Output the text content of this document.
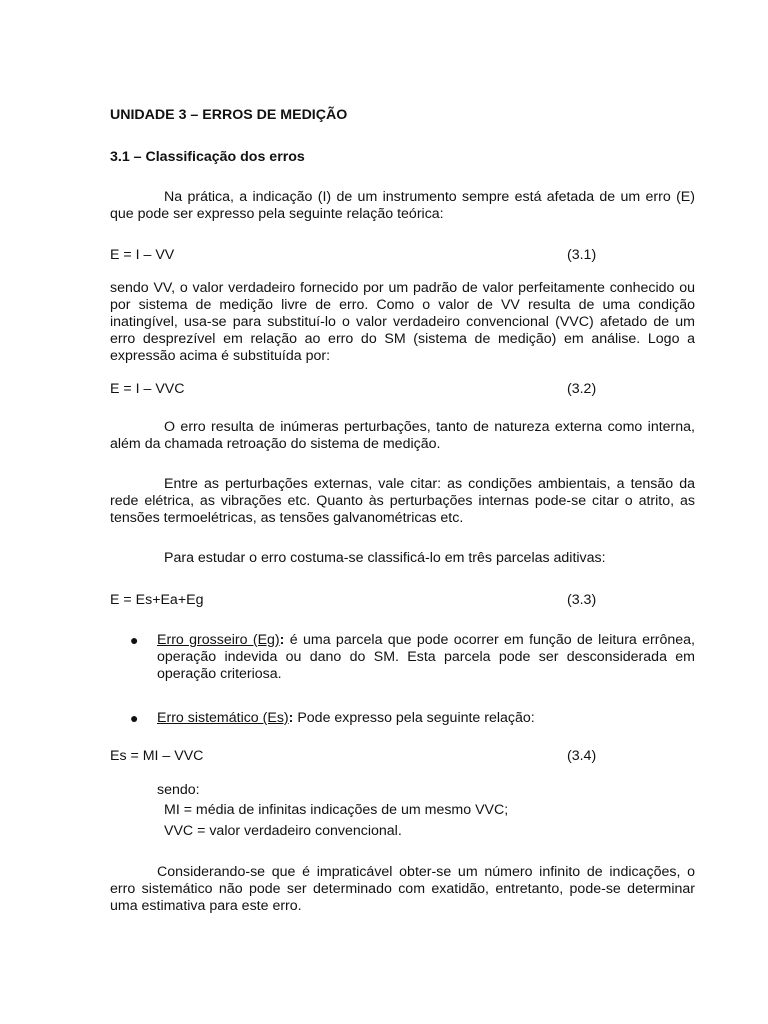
UNIDADE 3 – ERROS DE MEDIÇÃO
3.1 – Classificação dos erros
Na prática, a indicação (I) de um instrumento sempre está afetada de um erro (E) que pode ser expresso pela seguinte relação teórica:
E = I – VV	(3.1)
sendo VV, o valor verdadeiro fornecido por um padrão de valor perfeitamente conhecido ou por sistema de medição livre de erro. Como o valor de VV resulta de uma condição inatingível, usa-se para substituí-lo o valor verdadeiro convencional (VVC) afetado de um erro desprezível em relação ao erro do SM (sistema de medição) em análise. Logo a expressão acima é substituída por:
E = I – VVC	(3.2)
O erro resulta de inúmeras perturbações, tanto de natureza externa como interna, além da chamada retroação do sistema de medição.
Entre as perturbações externas, vale citar: as condições ambientais, a tensão da rede elétrica, as vibrações etc. Quanto às perturbações internas pode-se citar o atrito, as tensões termoelétricas, as tensões galvanométricas etc.
Para estudar o erro costuma-se classificá-lo em três parcelas aditivas:
E = Es+Ea+Eg	(3.3)
● Erro grosseiro (Eg): é uma parcela que pode ocorrer em função de leitura errônea, operação indevida ou dano do SM. Esta parcela pode ser desconsiderada em operação criteriosa.
● Erro sistemático (Es): Pode expresso pela seguinte relação:
Es = MI – VVC	(3.4)
sendo:
MI = média de infinitas indicações de um mesmo VVC;
VVC = valor verdadeiro convencional.
Considerando-se que é impraticável obter-se um número infinito de indicações, o erro sistemático não pode ser determinado com exatidão, entretanto, pode-se determinar uma estimativa para este erro.
